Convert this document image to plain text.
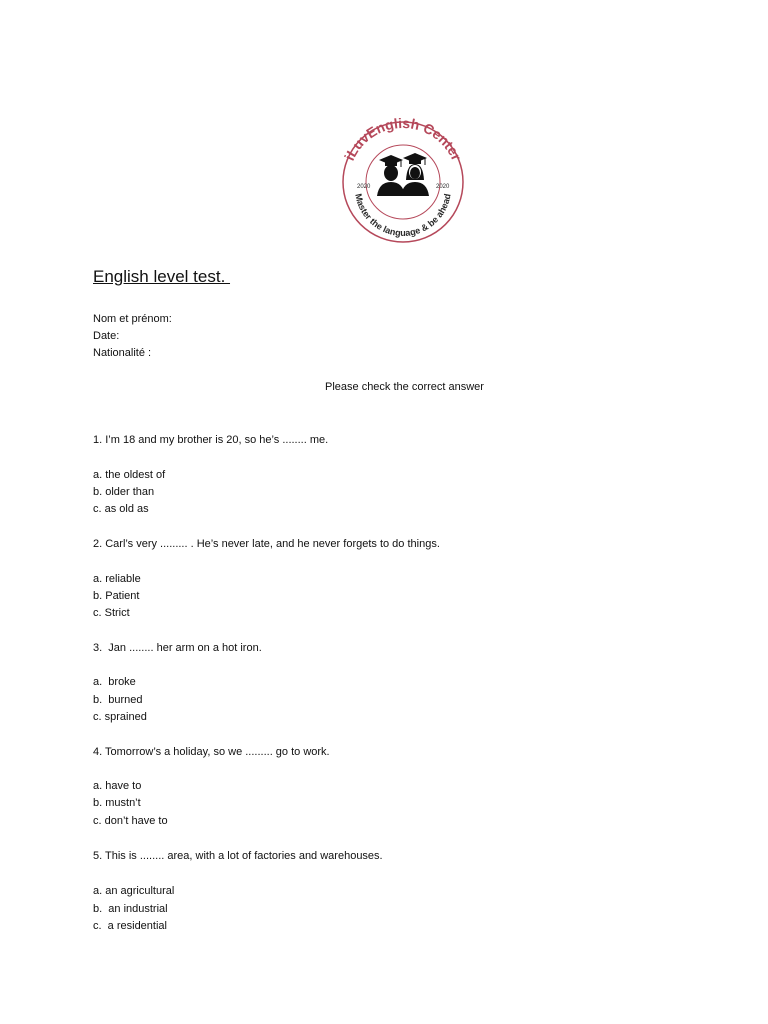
iLuvEnglish Center
Master the language & be ahead
2020	2020
English level test.

Nom et prénom:

Date:

Nationalité :

Please check the correct answer

1. I’m 18 and my brother is 20, so he’s ........ me.

a. the oldest of

b. older than

c. as old as

2. Carl’s very ......... . He’s never late, and he never forgets to do things.

a. reliable

b. Patient

c. Strict

3.  Jan ........ her arm on a hot iron.

a.  broke

b.  burned

c. sprained

4. Tomorrow’s a holiday, so we ......... go to work.

a. have to

b. mustn’t

c. don’t have to

5. This is ........ area, with a lot of factories and warehouses.

a. an agricultural

b.  an industrial

c.  a residential
